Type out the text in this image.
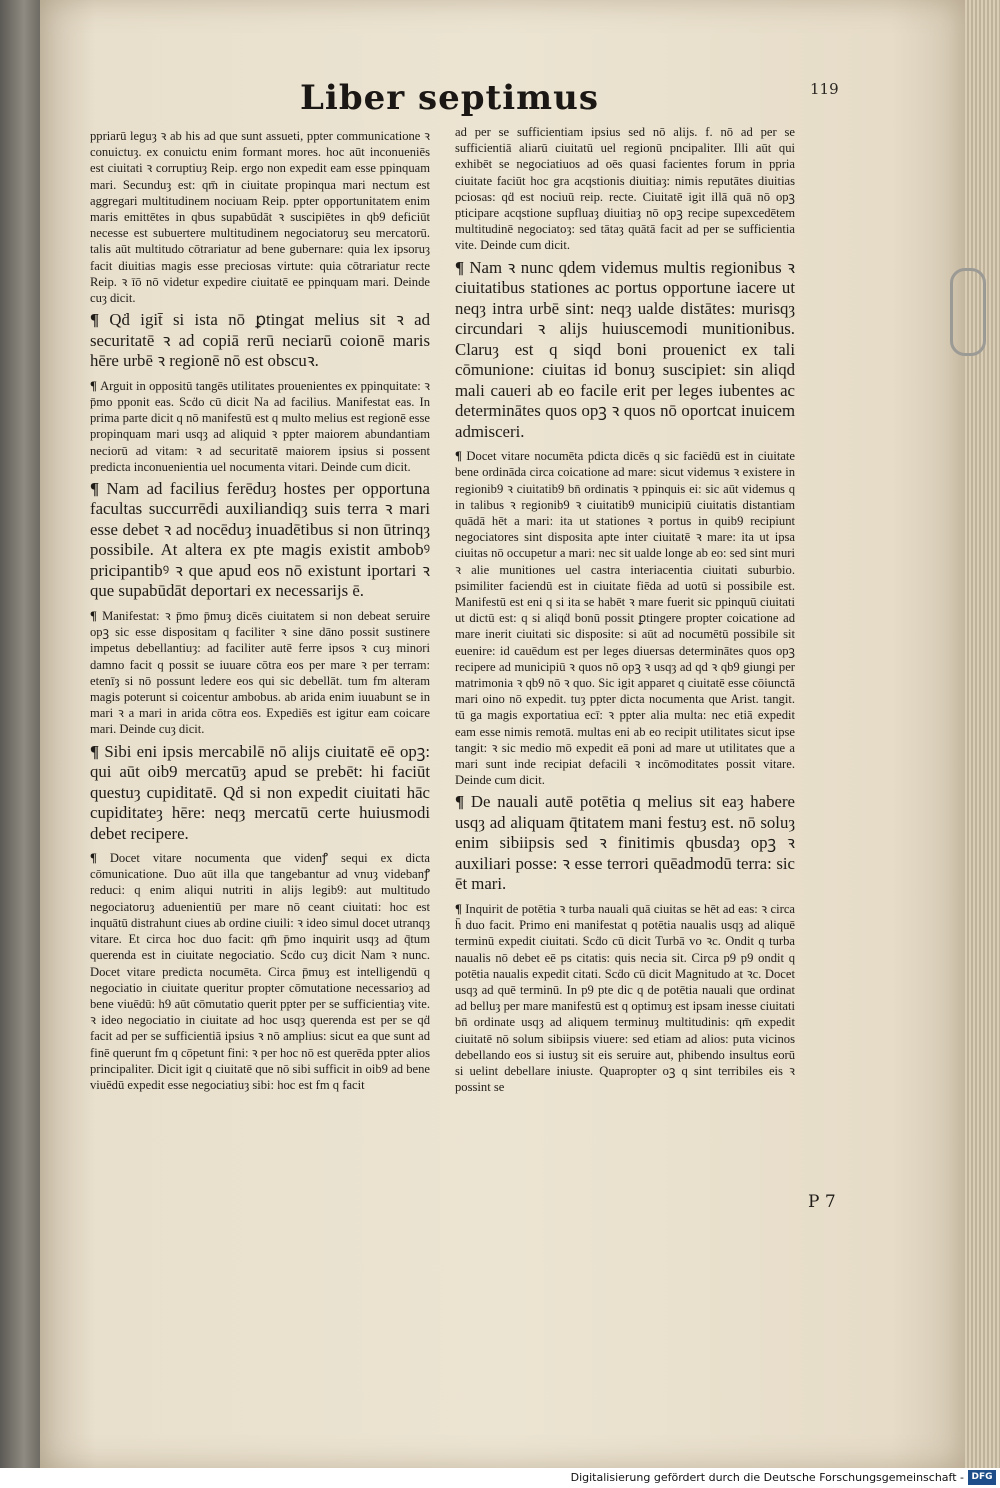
Liber septimus	119

ppriarū leguȝ ꝛ ab his ad que sunt assueti, ppter communicatione ꝛ conuictuȝ. ex conuictu enim formant mores. hoc aūt inconueniēs est ciuitati ꝛ corruptiuȝ Reip. ergo non expedit eam esse ppinquam mari. Secunduȝ est: qm̄ in ciuitate propinqua mari nectum est aggregari multitudinem nociuam Reip. ppter opportunitatem enim maris emittētes in qbus supabūdāt ꝛ suscipiētes in qb9 deficiūt necesse est subuertere multitudinem negociatoruȝ seu mercatorū. talis aūt multitudo cōtrariatur ad bene gubernare: quia lex ipsoruȝ facit diuitias magis esse preciosas virtute: quia cōtrariatur recte Reip. ꝛ īō nō videtur expedire ciuitatē ee ppinquam mari. Deinde cuȝ dicit.

¶ Qḋ igit̄ si ista nō ꝑtingat melius sit ꝛ ad securitatē ꝛ ad copiā rerū neciarū coionē maris hēre urbē ꝛ regionē nō est obscuꝛ.

¶ Arguit in oppositū tangēs utilitates prouenientes ex ppinquitate: ꝛ p̄mo pponit eas. Scḋo cū dicit Na ad facilius. Manifestat eas. In prima parte dicit q nō manifestū est q multo melius est regionē esse propinquam mari usqȝ ad aliquid ꝛ ppter maiorem abundantiam neciorū ad vitam: ꝛ ad securitatē maiorem ipsius si possent predicta inconuenientia uel nocumenta vitari. Deinde cum dicit.

¶ Nam ad facilius ferēduȝ hostes per opportuna facultas succurrēdi auxiliandiqȝ suis terra ꝛ mari esse debet ꝛ ad nocēduȝ inuadētibus si non ūtrinqȝ possibile. At altera ex pte magis existit ambobꝰ pricipantibꝰ ꝛ que apud eos nō existunt iportari ꝛ que supabūdāt deportari ex necessarijs ē.

¶ Manifestat: ꝛ p̄mo p̄muȝ dicēs ciuitatem si non debeat seruire opꝫ sic esse dispositam q faciliter ꝛ sine dāno possit sustinere impetus debellantiuȝ: ad faciliter autē ferre ipsos ꝛ cuȝ minori damno facit q possit se iuuare cōtra eos per mare ꝛ per terram: etenīȝ si nō possunt ledere eos qui sic debellāt. tum fm alteram magis poterunt si coicentur ambobus. ab arida enim iuuabunt se in mari ꝛ a mari in arida cōtra eos. Expediēs est igitur eam coicare mari. Deinde cuȝ dicit.

¶ Sibi eni ipsis mercabilē nō alijs ciuitatē eē opꝫ: qui aūt oib9 mercatūȝ apud se prebēt: hi faciūt questuȝ cupiditatē. Qḋ si non expedit ciuitati hāc cupiditateȝ hēre: neqȝ mercatū certe huiusmodi debet recipere.

¶ Docet vitare nocumenta que videnꝭ sequi ex dicta cōmunicatione. Duo aūt illa que tangebantur ad vnuȝ videbanꝭ reduci: q enim aliqui nutriti in alijs legib9: aut multitudo negociatoruȝ aduenientiū per mare nō ceant ciuitati: hoc est inquātū distrahunt ciues ab ordine ciuili: ꝛ ideo simul docet utranqȝ vitare. Et circa hoc duo facit: qm̄ p̄mo inquirit usqȝ ad q̄tum querenda est in ciuitate negociatio. Scḋo cuȝ dicit Nam ꝛ nunc. Docet vitare predicta nocumēta. Circa p̄muȝ est intelligendū q negociatio in ciuitate queritur propter cōmutatione necessarioȝ ad bene viuēdū: h9 aūt cōmutatio querit ppter per se sufficientiaȝ vite. ꝛ ideo negociatio in ciuitate ad hoc usqȝ querenda est per se qḋ facit ad per se sufficientiā ipsius ꝛ nō amplius: sicut ea que sunt ad finē querunt fm q cōpetunt fini: ꝛ per hoc nō est querēda ppter alios principaliter. Dicit igit q ciuitatē que nō sibi sufficit in oib9 ad bene viuēdū expedit esse negociatiuȝ sibi: hoc est fm q facit

ad per se sufficientiam ipsius sed nō alijs. f. nō ad per se sufficientiā aliarū ciuitatū uel regionū pncipaliter. Illi aūt qui exhibēt se negociatiuos ad oēs quasi facientes forum in ppria ciuitate faciūt hoc gra acqstionis diuitiaȝ: nimis reputātes diuitias pciosas: qḋ est nociuū reip. recte. Ciuitatē igit illā quā nō opꝫ pticipare acqstione supfluaȝ diuitiaȝ nō opꝫ recipe supexcedētem multitudinē negociatoȝ: sed tātaȝ quātā facit ad per se sufficientia vite. Deinde cum dicit.

¶ Nam ꝛ nunc qdem videmus multis regionibus ꝛ ciuitatibus stationes ac portus opportune iacere ut neqȝ intra urbē sint: neqȝ ualde distātes: murisqȝ circundari ꝛ alijs huiuscemodi munitionibus. Claruȝ est q siqd boni prouenict ex tali cōmunione: ciuitas id bonuȝ suscipiet: sin aliqd mali caueri ab eo facile erit per leges iubentes ac determinātes quos opꝫ ꝛ quos nō oportcat inuicem admisceri.

¶ Docet vitare nocumēta pdicta dicēs q sic faciēdū est in ciuitate bene ordināda circa coicatione ad mare: sicut videmus ꝛ existere in regionib9 ꝛ ciuitatib9 bn̄ ordinatis ꝛ ppinquis ei: sic aūt videmus q in talibus ꝛ regionib9 ꝛ ciuitatib9 municipiū ciuitatis distantiam quādā hēt a mari: ita ut stationes ꝛ portus in quib9 recipiunt negociatores sint disposita apte inter ciuitatē ꝛ mare: ita ut ipsa ciuitas nō occupetur a mari: nec sit ualde longe ab eo: sed sint muri ꝛ alie munitiones uel castra interiacentia ciuitati suburbio. psimiliter faciendū est in ciuitate fiēda ad uotū si possibile est. Manifestū est eni q si ita se habēt ꝛ mare fuerit sic ppinquū ciuitati ut dictū est: q si aliqḋ bonū possit ꝑtingere propter coicatione ad mare inerit ciuitati sic disposite: si aūt ad nocumētū possibile sit euenire: id cauēdum est per leges diuersas determinātes quos opꝫ recipere ad municipiū ꝛ quos nō opꝫ ꝛ usqȝ ad qd ꝛ qb9 giungi per matrimonia ꝛ qb9 nō ꝛ quo. Sic igit apparet q ciuitatē esse cōiunctā mari oino nō expedit. tuȝ ppter dicta nocumenta que Arist. tangit. tū ga magis exportatiua ecī: ꝛ ppter alia multa: nec etiā expedit eam esse nimis remotā. multas eni ab eo recipit utilitates sicut ipse tangit: ꝛ sic medio mō expedit eā poni ad mare ut utilitates que a mari sunt inde recipiat defacili ꝛ incōmoditates possit vitare. Deinde cum dicit.

¶ De nauali autē potētia q melius sit eaȝ habere usqȝ ad aliquam q̄titatem mani festuȝ est. nō soluȝ enim sibiipsis sed ꝛ finitimis qbusdaȝ opꝫ ꝛ auxiliari posse: ꝛ esse terrori quēadmodū terra: sic ēt mari.

¶ Inquirit de potētia ꝛ turba nauali quā ciuitas se hēt ad eas: ꝛ circa h̄ duo facit. Primo eni manifestat q potētia naualis usqȝ ad aliquē terminū expedit ciuitati. Scḋo cū dicit Turbā vo ꝛc. Ondit q turba naualis nō debet eē ps citatis: quis necia sit. Circa p9 p9 ondit q potētia naualis expedit citati. Scḋo cū dicit Magnitudo at ꝛc. Docet usqȝ ad quē terminū. In p9 pte dic q de potētia nauali que ordinat ad belluȝ per mare manifestū est q optimuȝ est ipsam inesse ciuitati bn̄ ordinate usqȝ ad aliquem terminuȝ multitudinis: qm̄ expedit ciuitatē nō solum sibiipsis viuere: sed etiam ad alios: puta vicinos debellando eos si iustuȝ sit eis seruire aut, phibendo insultus eorū si uelint debellare iniuste. Quapropter oꝫ q sint terribiles eis ꝛ possint se

P 7
Digitalisierung gefördert durch die Deutsche Forschungsgemeinschaft - DFG
